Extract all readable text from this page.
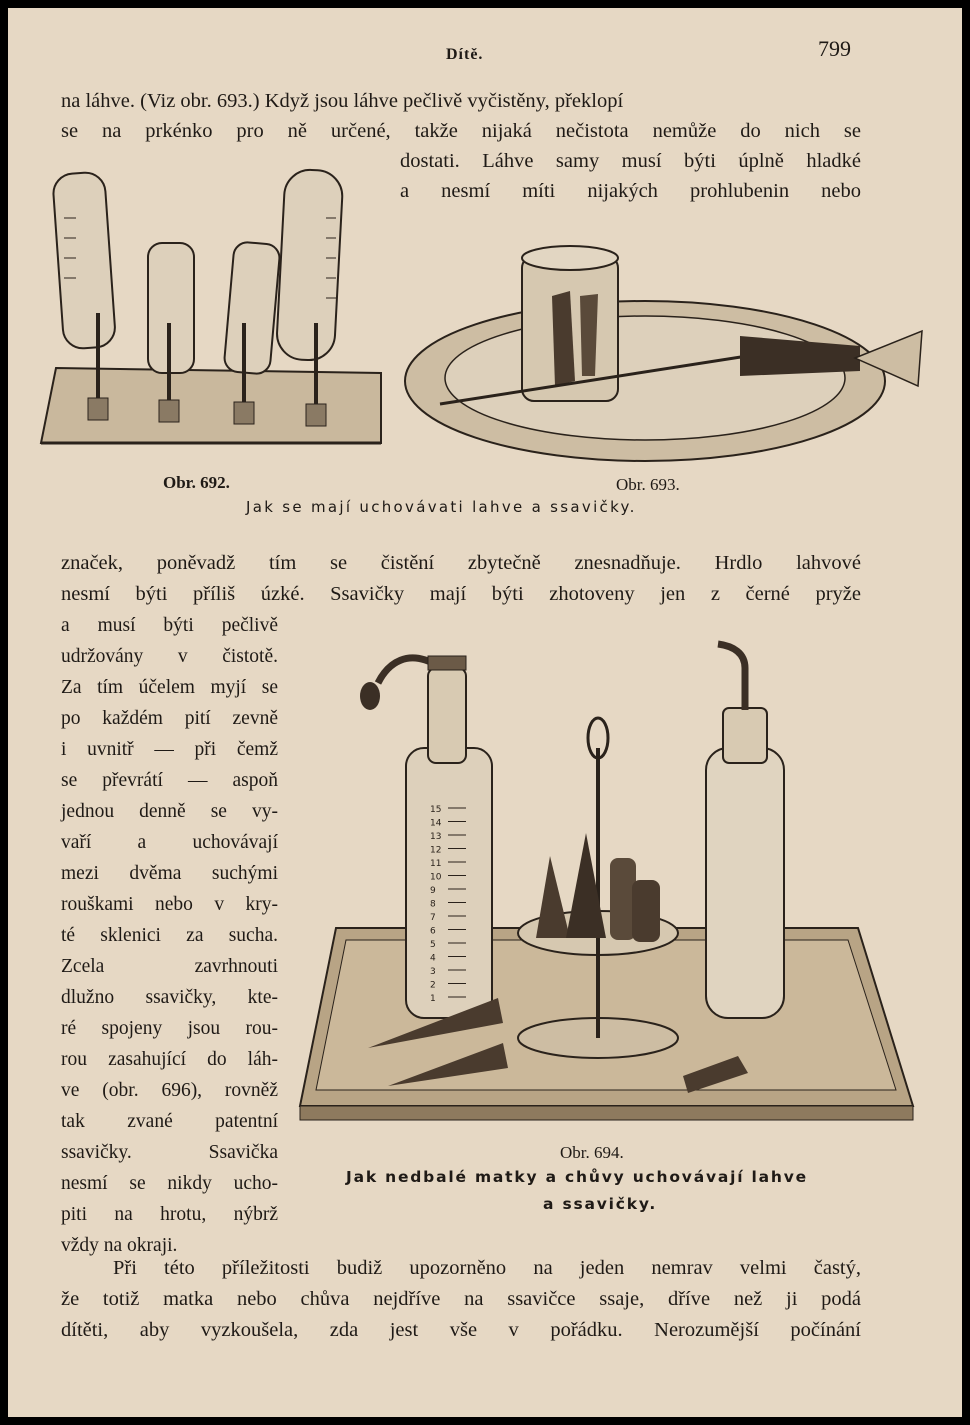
Dítě.	799
na láhve. (Viz obr. 693.) Když jsou láhve pečlivě vyčistěny, překlopí
se na prkénko pro ně určené, takže nijaká nečistota nemůže do nich se
dostati. Láhve samy musí býti úplně hladké
a nesmí míti nijakých prohlubenin nebo
Obr. 692.	Obr. 693.
Jak se mají uchovávati lahve a ssavičky.
značek, poněvadž tím se čistění zbytečně znesnadňuje. Hrdlo lahvové
nesmí býti příliš úzké. Ssavičky mají býti zhotoveny jen z černé pryže
a musí býti pečlivě
udržovány v čistotě.
Za tím účelem myjí se
po každém pití zevně
i uvnitř — při čemž
se převrátí — aspoň
jednou denně se vy-
vaří a uchovávají
mezi dvěma suchými
rouškami nebo v kry-
té sklenici za sucha.
Zcela zavrhnouti
dlužno ssavičky, kte-
ré spojeny jsou rou-
rou zasahující do láh-
ve (obr. 696), rovněž
tak zvané patentní
ssavičky. Ssavička
nesmí se nikdy ucho-
piti na hrotu, nýbrž
vždy na okraji.
15
14
13
12
11
10
9
8
7
6
5
4
3
2
1
Obr. 694.
Jak nedbalé matky a chůvy uchovávají lahve
a ssavičky.
Při této příležitosti budiž upozorněno na jeden nemrav velmi častý,
že totiž matka nebo chůva nejdříve na ssavičce ssaje, dříve než ji podá
dítěti, aby vyzkoušela, zda jest vše v pořádku. Nerozumější počínání
